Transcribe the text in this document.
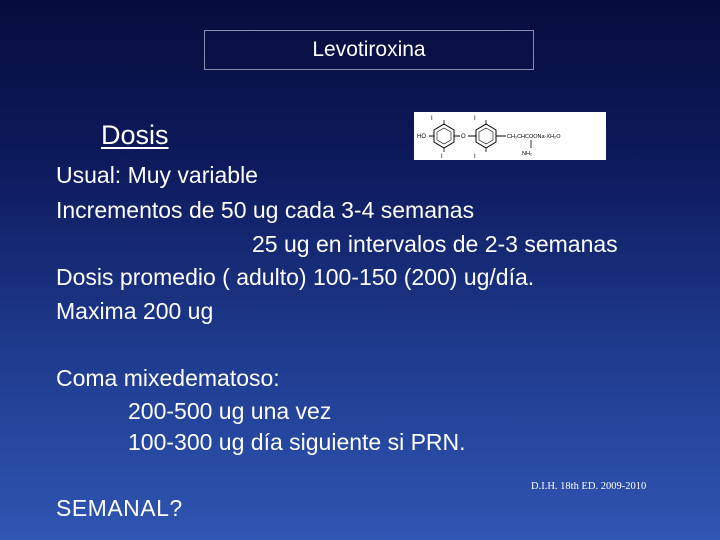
Levotiroxina
Dosis
I
I
I
I
HO	O	CH₂CHCOONa·XH₂O
NH₂
Usual: Muy variable
Incrementos de 50 ug cada 3-4 semanas
25 ug en intervalos de 2-3 semanas
Dosis promedio ( adulto) 100-150 (200) ug/día.
Maxima 200 ug
Coma mixedematoso:
200-500 ug una vez
100-300 ug día siguiente si PRN.
D.I.H. 18th ED. 2009-2010
SEMANAL?
